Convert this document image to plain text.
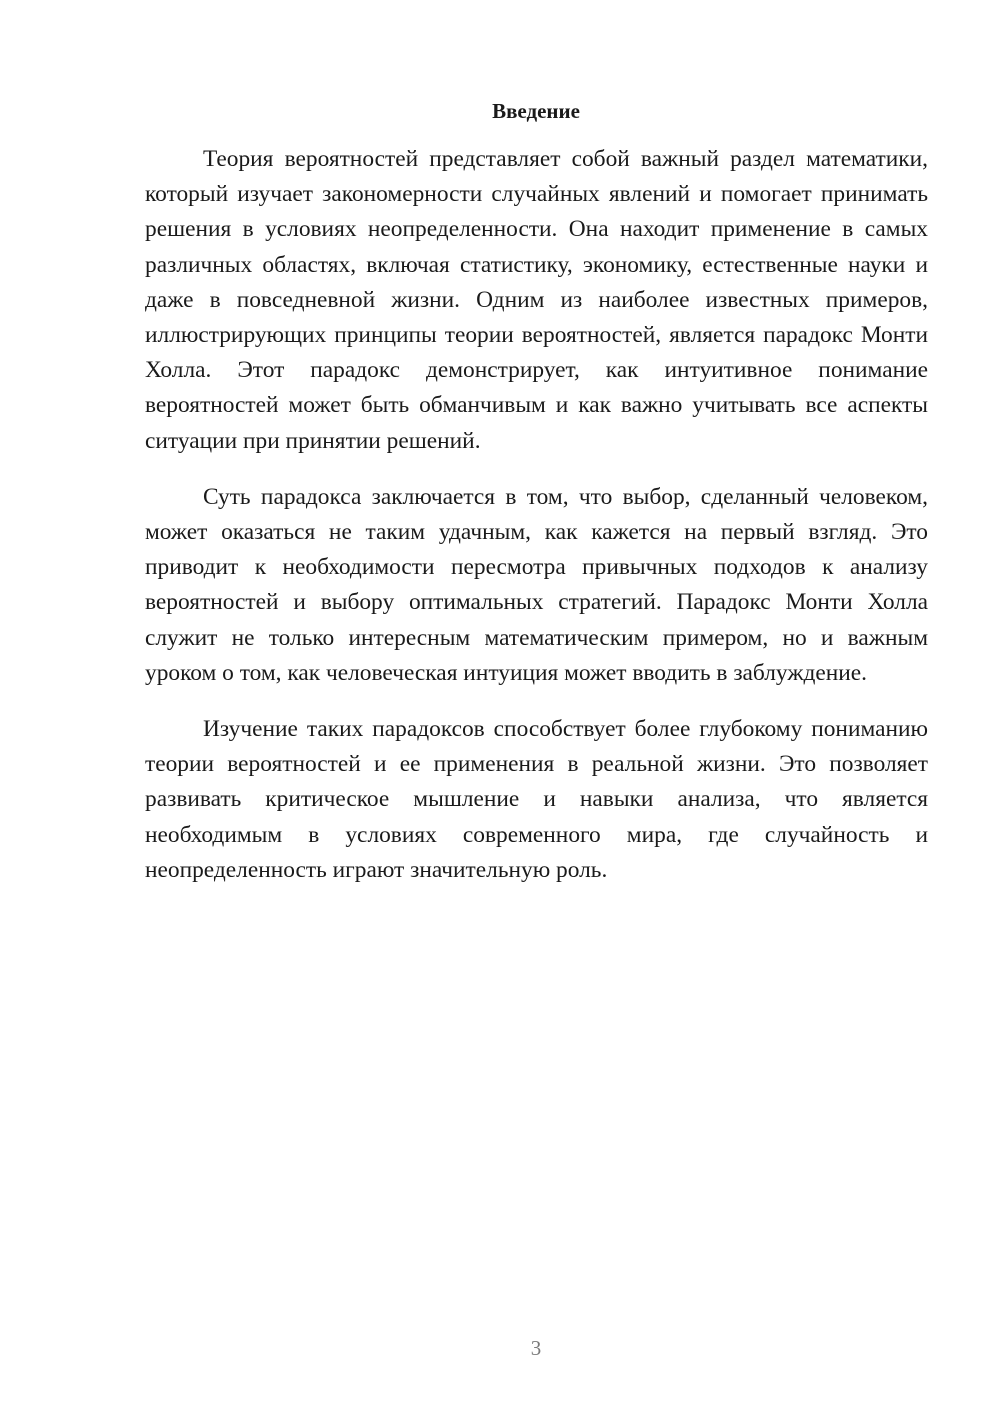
Введение

Теория вероятностей представляет собой важный раздел математики, который изучает закономерности случайных явлений и помогает принимать решения в условиях неопределенности. Она находит применение в самых различных областях, включая статистику, экономику, естественные науки и даже в повседневной жизни. Одним из наиболее известных примеров, иллюстрирующих принципы теории вероятностей, является парадокс Монти Холла. Этот парадокс демонстрирует, как интуитивное понимание вероятностей может быть обманчивым и как важно учитывать все аспекты ситуации при принятии решений.

Суть парадокса заключается в том, что выбор, сделанный человеком, может оказаться не таким удачным, как кажется на первый взгляд. Это приводит к необходимости пересмотра привычных подходов к анализу вероятностей и выбору оптимальных стратегий. Парадокс Монти Холла служит не только интересным математическим примером, но и важным уроком о том, как человеческая интуиция может вводить в заблуждение.

Изучение таких парадоксов способствует более глубокому пониманию теории вероятностей и ее применения в реальной жизни. Это позволяет развивать критическое мышление и навыки анализа, что является необходимым в условиях современного мира, где случайность и неопределенность играют значительную роль.

3
